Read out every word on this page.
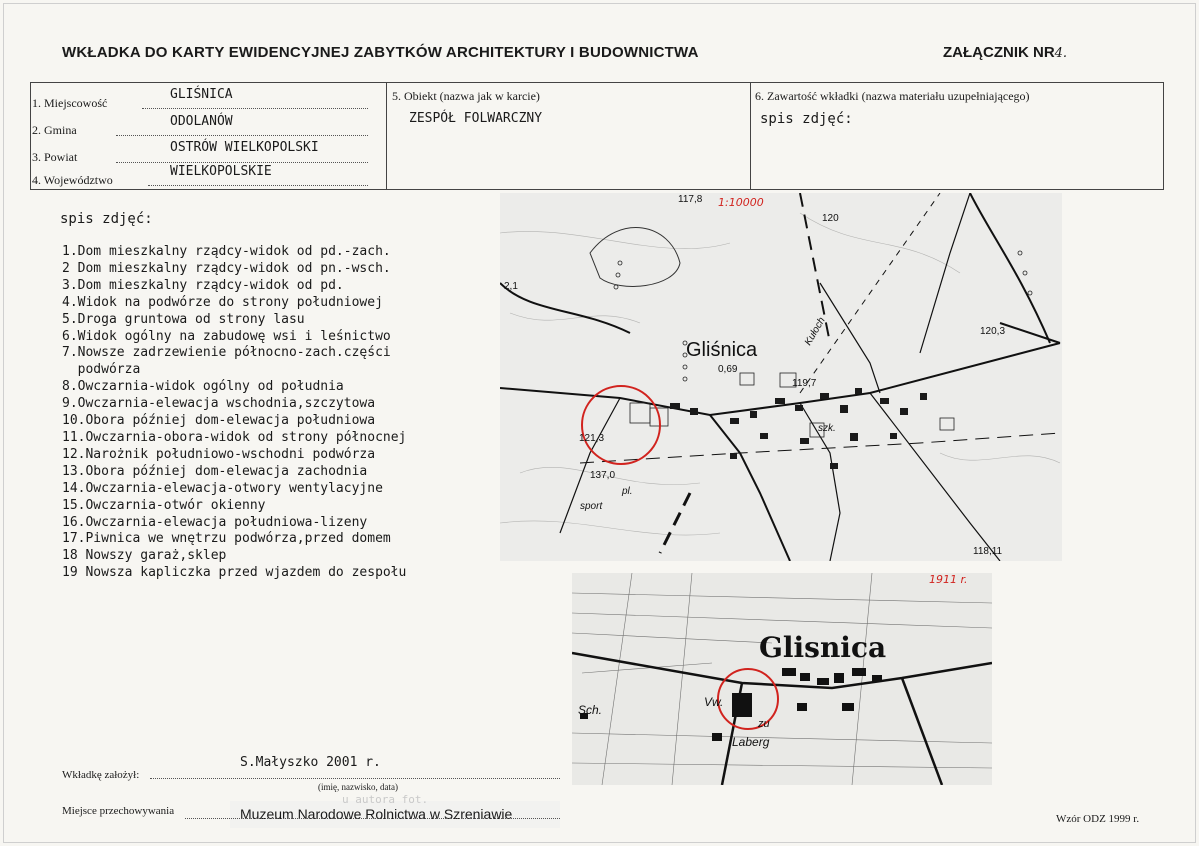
WKŁADKA DO KARTY EWIDENCYJNEJ ZABYTKÓW ARCHITEKTURY I BUDOWNICTWA	ZAŁĄCZNIK NR4.
1. Miejscowość
GLIŚNICA
2. Gmina
ODOLANÓW
3. Powiat
OSTRÓW WIELKOPOLSKI
4. Województwo
WIELKOPOLSKIE
5. Obiekt (nazwa jak w karcie)
ZESPÓŁ FOLWARCZNY
6. Zawartość wkładki (nazwa materiału uzupełniającego)
spis zdjęć:
spis zdjęć:
1.Dom mieszkalny rządcy-widok od pd.-zach.
2 Dom mieszkalny rządcy-widok od pn.-wsch.
3.Dom mieszkalny rządcy-widok od pd.
4.Widok na podwórze do strony południowej
5.Droga gruntowa od strony lasu
6.Widok ogólny na zabudowę wsi i leśnictwo
7.Nowsze zadrzewienie północno-zach.części
podwórza
8.Owczarnia-widok ogólny od południa
9.Owczarnia-elewacja wschodnia,szczytowa
10.Obora później dom-elewacja południowa
11.Owczarnia-obora-widok od strony północnej
12.Narożnik południowo-wschodni podwórza
13.Obora później dom-elewacja zachodnia
14.Owczarnia-elewacja-otwory wentylacyjne
15.Owczarnia-otwór okienny
16.Owczarnia-elewacja południowa-lizeny
17.Piwnica we wnętrzu podwórza,przed domem
18 Nowszy garaż,sklep
19 Nowsza kapliczka przed wjazdem do zespołu
1:10000
Gliśnica
0,69
117,8
120,3
119,7
121,3
137,0
118,11
szk.
pl.
sport
Kułoch
120
2,1
1911 r.
Glisnica
Sch.
Vw.
zu
Laberg
Wkładkę założył:
S.Małyszko 2001 r.
(imię, nazwisko, data)
Miejsce przechowywania
u autora fot.
Muzeum Narodowe Rolnictwa w Szreniawie	Wzór ODZ 1999 r.
